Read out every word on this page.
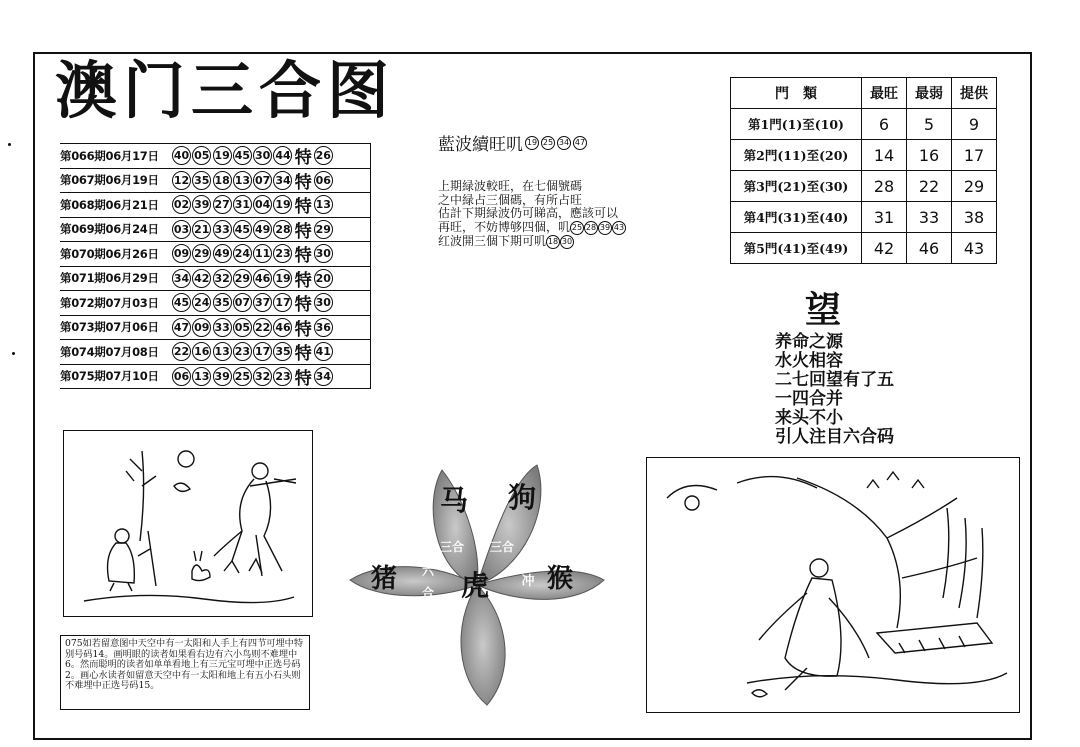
澳门三合图
第066期06月17日	40 05 19 45 30 44 特 26
第067期06月19日	12 35 18 13 07 34 特 06
第068期06月21日	02 39 27 31 04 19 特 13
第069期06月24日	03 21 33 45 49 28 特 29
第070期06月26日	09 29 49 24 11 23 特 30
第071期06月29日	34 42 32 29 46 19 特 20
第072期07月03日	45 24 35 07 37 17 特 30
第073期07月06日	47 09 33 05 22 46 特 36
第074期07月08日	22 16 13 23 17 35 特 41
第075期07月10日	06 13 39 25 32 23 特 34
藍波續旺叽 19 25 34 47
上期緑波較旺，在七個號碼
之中緑占三個碼，有所占旺
估計下期緑波仍可睇高，應該可以
再旺，不妨博够四個，叽 25 28 39 43
红波開三個下期可叽 18 30
門　類	最旺	最弱	提供
第1門(1)至(10)	6	5	9
第2門(11)至(20)	14	16	17
第3門(21)至(30)	28	22	29
第4門(31)至(40)	31	33	38
第5門(41)至(49)	42	46	43
望
养命之源
水火相容
二七回望有了五
一四合并
来头不小
引人注目六合码
马 狗
猪 虎 猴
三合 三合
六
合
冲
075如若留意图中天空中有一太阳和人手上有四节可埋中特别号码14。画明眼的读者如果看右边有六小鸟则不难埋中6。然而聪明的读者如单单看地上有三元宝可埋中正选号码2。画心水读者如留意天空中有一太阳和地上有五小石头则不难埋中正选号码15。
